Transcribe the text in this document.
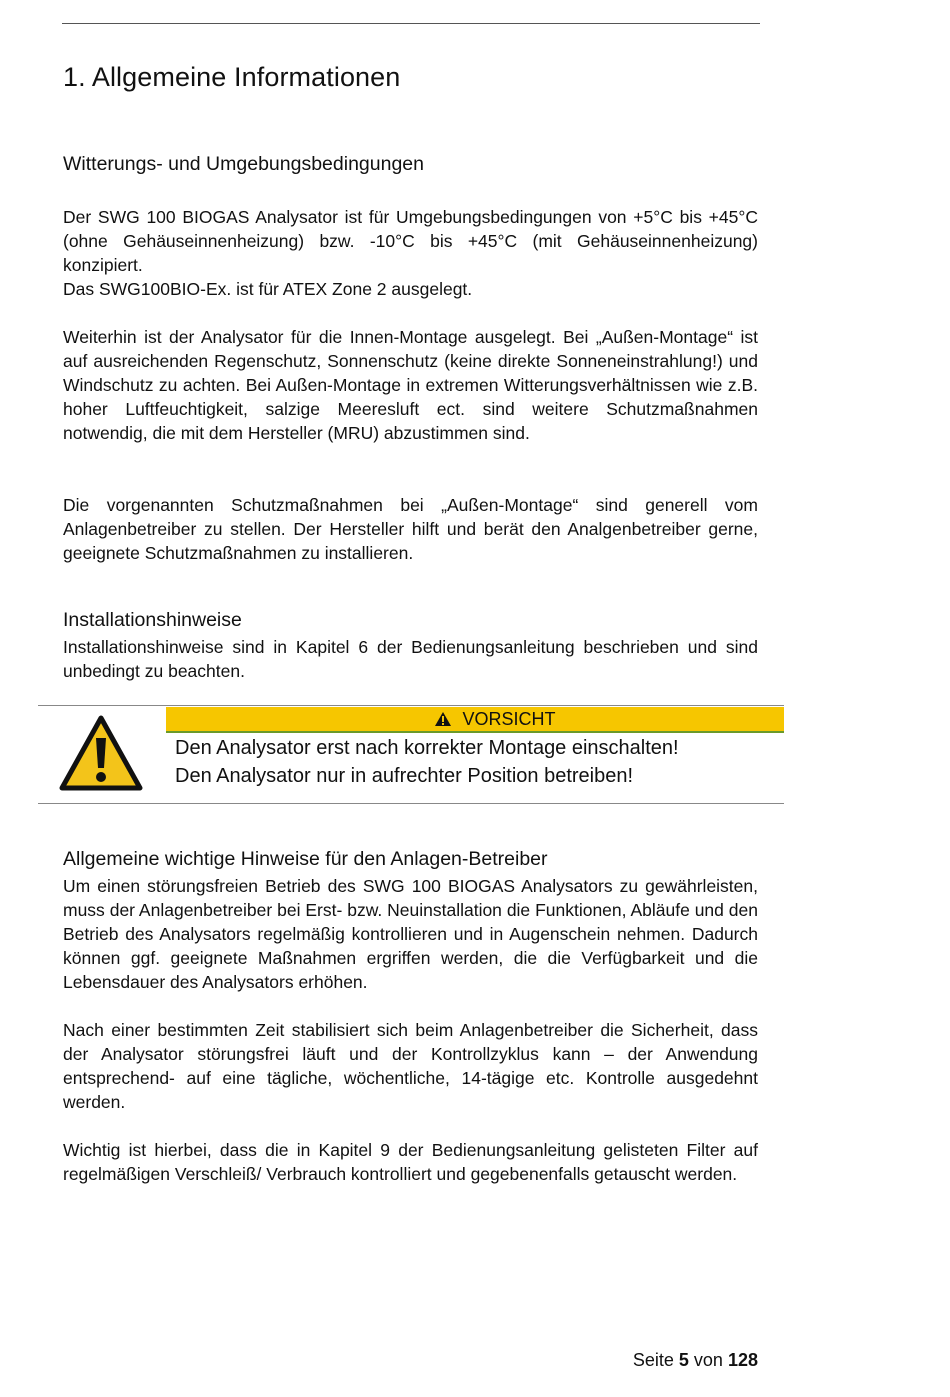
1. Allgemeine Informationen
Witterungs- und Umgebungsbedingungen

Der SWG 100 BIOGAS Analysator ist für Umgebungsbedingungen von +5°C bis +45°C
(ohne Gehäuseinnenheizung) bzw. -10°C bis +45°C (mit Gehäuseinnenheizung)
konzipiert.
Das SWG100BIO-Ex. ist für ATEX Zone 2 ausgelegt.

Weiterhin ist der Analysator für die Innen-Montage ausgelegt. Bei „Außen-Montage“ ist auf ausreichenden Regenschutz, Sonnenschutz (keine direkte Sonneneinstrahlung!) und Windschutz zu achten. Bei Außen-Montage in extremen Witterungsverhältnissen wie z.B. hoher Luftfeuchtigkeit, salzige Meeresluft ect. sind weitere Schutzmaßnahmen notwendig, die mit dem Hersteller (MRU) abzustimmen sind.

Die vorgenannten Schutzmaßnahmen bei „Außen-Montage“ sind generell vom Anlagenbetreiber zu stellen. Der Hersteller hilft und berät den Analgenbetreiber gerne, geeignete Schutzmaßnahmen zu installieren.

Installationshinweise

Installationshinweise sind in Kapitel 6 der Bedienungsanleitung beschrieben und sind unbedingt zu beachten.

VORSICHT

Den Analysator erst nach korrekter Montage einschalten!
Den Analysator nur in aufrechter Position betreiben!

Allgemeine wichtige Hinweise für den Anlagen-Betreiber

Um einen störungsfreien Betrieb des SWG 100 BIOGAS Analysators zu gewährleisten, muss der Anlagenbetreiber bei Erst- bzw. Neuinstallation die Funktionen, Abläufe und den Betrieb des Analysators regelmäßig kontrollieren und in Augenschein nehmen. Dadurch können ggf. geeignete Maßnahmen ergriffen werden, die die Verfügbarkeit und die Lebensdauer des Analysators erhöhen.

Nach einer bestimmten Zeit stabilisiert sich beim Anlagenbetreiber die Sicherheit, dass der Analysator störungsfrei läuft und der Kontrollzyklus kann – der Anwendung entsprechend- auf eine tägliche, wöchentliche, 14-tägige etc. Kontrolle ausgedehnt werden.

Wichtig ist hierbei, dass die in Kapitel 9 der Bedienungsanleitung gelisteten Filter auf regelmäßigen Verschleiß/ Verbrauch kontrolliert und gegebenenfalls getauscht werden.

Seite 5 von 128
